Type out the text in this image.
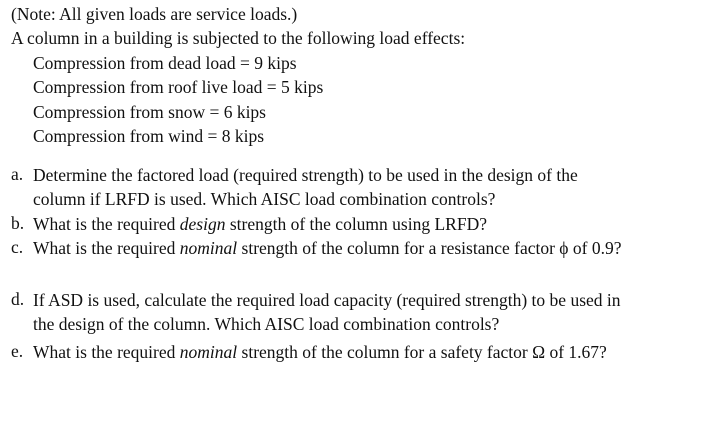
(Note: All given loads are service loads.)
A column in a building is subjected to the following load effects:
Compression from dead load = 9 kips
Compression from roof live load = 5 kips
Compression from snow = 6 kips
Compression from wind = 8 kips
a. Determine the factored load (required strength) to be used in the design of the column if LRFD is used. Which AISC load combination controls?
b. What is the required design strength of the column using LRFD?
c. What is the required nominal strength of the column for a resistance factor ϕ of 0.9?
d. If ASD is used, calculate the required load capacity (required strength) to be used in the design of the column. Which AISC load combination controls?
e. What is the required nominal strength of the column for a safety factor Ω of 1.67?
